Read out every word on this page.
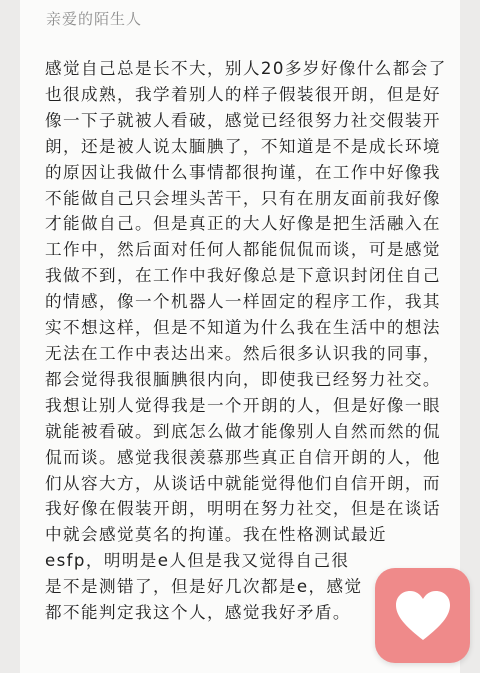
亲爱的陌生人

感觉自己总是长不大，别人20多岁好像什么都会了也很成熟，我学着别人的样子假装很开朗，但是好像一下子就被人看破，感觉已经很努力社交假装开朗，还是被人说太腼腆了，不知道是不是成长环境的原因让我做什么事情都很拘谨，在工作中好像我不能做自己只会埋头苦干，只有在朋友面前我好像才能做自己。但是真正的大人好像是把生活融入在工作中，然后面对任何人都能侃侃而谈，可是感觉我做不到，在工作中我好像总是下意识封闭住自己的情感，像一个机器人一样固定的程序工作，我其实不想这样，但是不知道为什么我在生活中的想法无法在工作中表达出来。然后很多认识我的同事，都会觉得我很腼腆很内向，即使我已经努力社交。我想让别人觉得我是一个开朗的人，但是好像一眼就能被看破。到底怎么做才能像别人自然而然的侃侃而谈。感觉我很羡慕那些真正自信开朗的人，他们从容大方，从谈话中就能觉得他们自信开朗，而我好像在假装开朗，明明在努力社交，但是在谈话中就会感觉莫名的拘谨。我在性格测试最近
esfp，明明是e人但是我又觉得自己很
是不是测错了，但是好几次都是e，感觉
都不能判定我这个人，感觉我好矛盾。
